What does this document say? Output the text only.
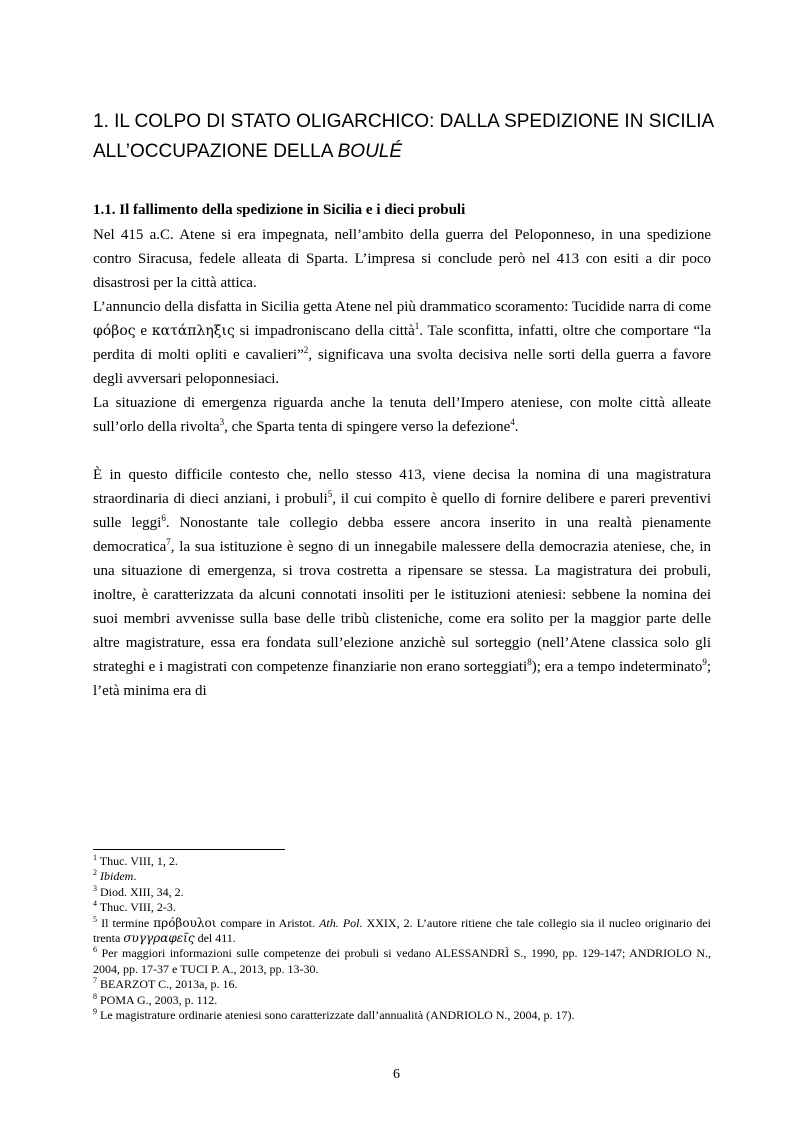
1. IL COLPO DI STATO OLIGARCHICO: DALLA SPEDIZIONE IN SICILIA ALL’OCCUPAZIONE DELLA BOULÉ
1.1. Il fallimento della spedizione in Sicilia e i dieci probuli

Nel 415 a.C. Atene si era impegnata, nell’ambito della guerra del Peloponneso, in una spedizione contro Siracusa, fedele alleata di Sparta. L’impresa si conclude però nel 413 con esiti a dir poco disastrosi per la città attica.

L’annuncio della disfatta in Sicilia getta Atene nel più drammatico scoramento: Tucidide narra di come φόβος e κατάπληξις si impadroniscano della città$^1$. Tale sconfitta, infatti, oltre che comportare “la perdita di molti opliti e cavalieri”$^2$, significava una svolta decisiva nelle sorti della guerra a favore degli avversari peloponnesiaci.

La situazione di emergenza riguarda anche la tenuta dell’Impero ateniese, con molte città alleate sull’orlo della rivolta$^3$, che Sparta tenta di spingere verso la defezione$^4$.

È in questo difficile contesto che, nello stesso 413, viene decisa la nomina di una magistratura straordinaria di dieci anziani, i probuli$^5$, il cui compito è quello di fornire delibere e pareri preventivi sulle leggi$^6$. Nonostante tale collegio debba essere ancora inserito in una realtà pienamente democratica$^7$, la sua istituzione è segno di un innegabile malessere della democrazia ateniese, che, in una situazione di emergenza, si trova costretta a ripensare se stessa. La magistratura dei probuli, inoltre, è caratterizzata da alcuni connotati insoliti per le istituzioni ateniesi: sebbene la nomina dei suoi membri avvenisse sulla base delle tribù clisteniche, come era solito per la maggior parte delle altre magistrature, essa era fondata sull’elezione anzichè sul sorteggio (nell’Atene classica solo gli strateghi e i magistrati con competenze finanziarie non erano sorteggiati$^8$); era a tempo indeterminato$^9$; l’età minima era di

$^1$ Thuc. VIII, 1, 2.
$^2$ Ibidem.
$^3$ Diod. XIII, 34, 2.
$^4$ Thuc. VIII, 2-3.
$^5$ Il termine πρόβουλοι compare in Aristot. Ath. Pol. XXIX, 2. L’autore ritiene che tale collegio sia il nucleo originario dei trenta συγγραφεῖς del 411.
$^6$ Per maggiori informazioni sulle competenze dei probuli si vedano ALESSANDRÌ S., 1990, pp. 129-147; ANDRIOLO N., 2004, pp. 17-37 e TUCI P. A., 2013, pp. 13-30.
$^7$ BEARZOT C., 2013a, p. 16.
$^8$ POMA G., 2003, p. 112.
$^9$ Le magistrature ordinarie ateniesi sono caratterizzate dall’annualità (ANDRIOLO N., 2004, p. 17).
6
